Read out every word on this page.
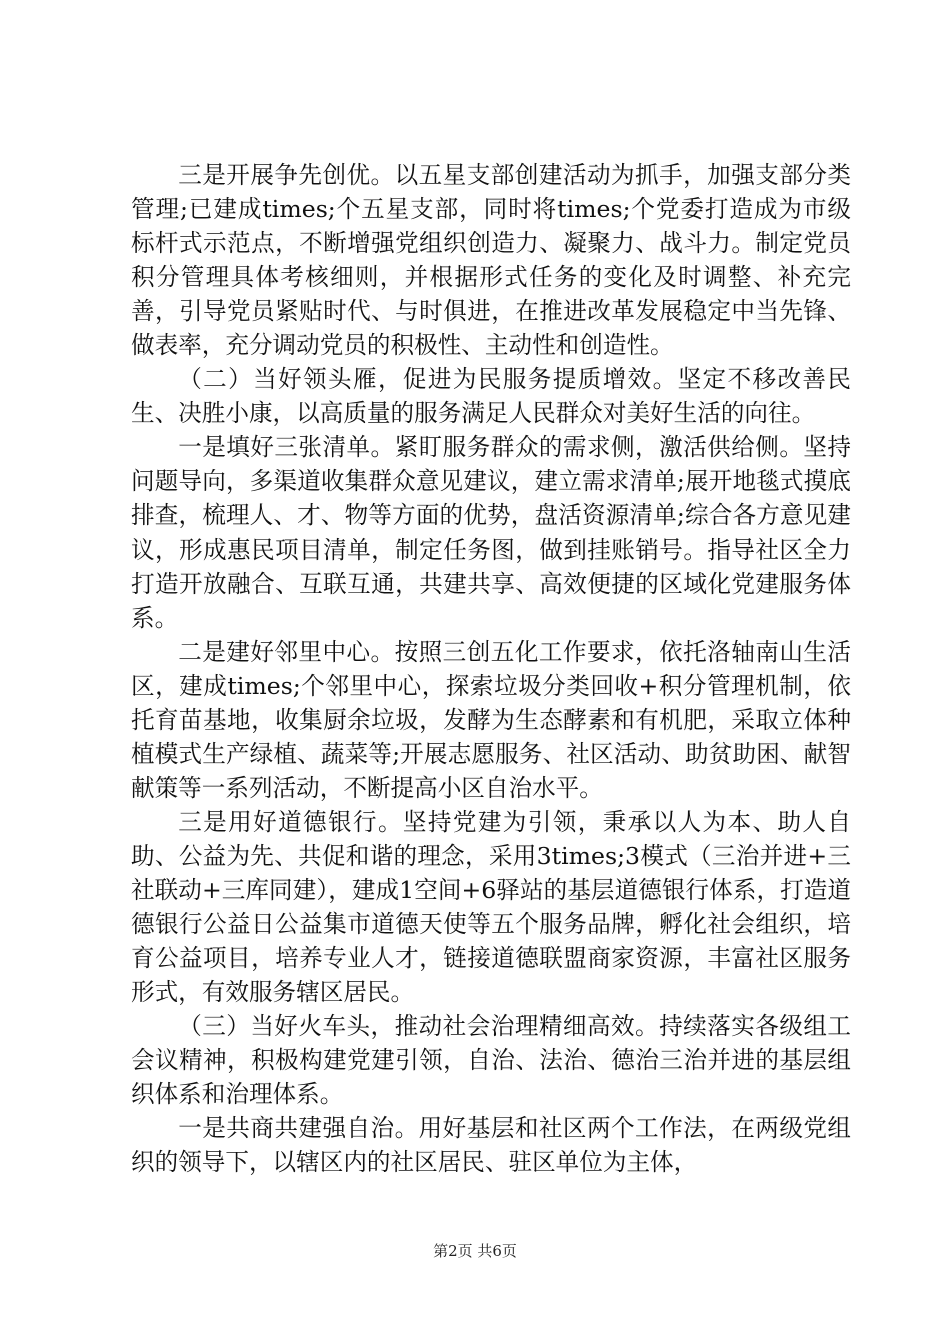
三是开展争先创优。以五星支部创建活动为抓手，加强支部分类管理;已建成times;个五星支部，同时将times;个党委打造成为市级标杆式示范点，不断增强党组织创造力、凝聚力、战斗力。制定党员积分管理具体考核细则，并根据形式任务的变化及时调整、补充完善，引导党员紧贴时代、与时俱进，在推进改革发展稳定中当先锋、做表率，充分调动党员的积极性、主动性和创造性。

（二）当好领头雁，促进为民服务提质增效。坚定不移改善民生、决胜小康，以高质量的服务满足人民群众对美好生活的向往。

一是填好三张清单。紧盯服务群众的需求侧，激活供给侧。坚持问题导向，多渠道收集群众意见建议，建立需求清单;展开地毯式摸底排查，梳理人、才、物等方面的优势，盘活资源清单;综合各方意见建议，形成惠民项目清单，制定任务图，做到挂账销号。指导社区全力打造开放融合、互联互通，共建共享、高效便捷的区域化党建服务体系。

二是建好邻里中心。按照三创五化工作要求，依托洛轴南山生活区，建成times;个邻里中心，探索垃圾分类回收+积分管理机制，依托育苗基地，收集厨余垃圾，发酵为生态酵素和有机肥，采取立体种植模式生产绿植、蔬菜等;开展志愿服务、社区活动、助贫助困、献智献策等一系列活动，不断提高小区自治水平。

三是用好道德银行。坚持党建为引领，秉承以人为本、助人自助、公益为先、共促和谐的理念，采用3times;3模式（三治并进+三社联动+三库同建），建成1空间+6驿站的基层道德银行体系，打造道德银行公益日公益集市道德天使等五个服务品牌，孵化社会组织，培育公益项目，培养专业人才，链接道德联盟商家资源，丰富社区服务形式，有效服务辖区居民。

（三）当好火车头，推动社会治理精细高效。持续落实各级组工会议精神，积极构建党建引领，自治、法治、德治三治并进的基层组织体系和治理体系。

一是共商共建强自治。用好基层和社区两个工作法，在两级党组织的领导下，以辖区内的社区居民、驻区单位为主体，

第2页 共6页
